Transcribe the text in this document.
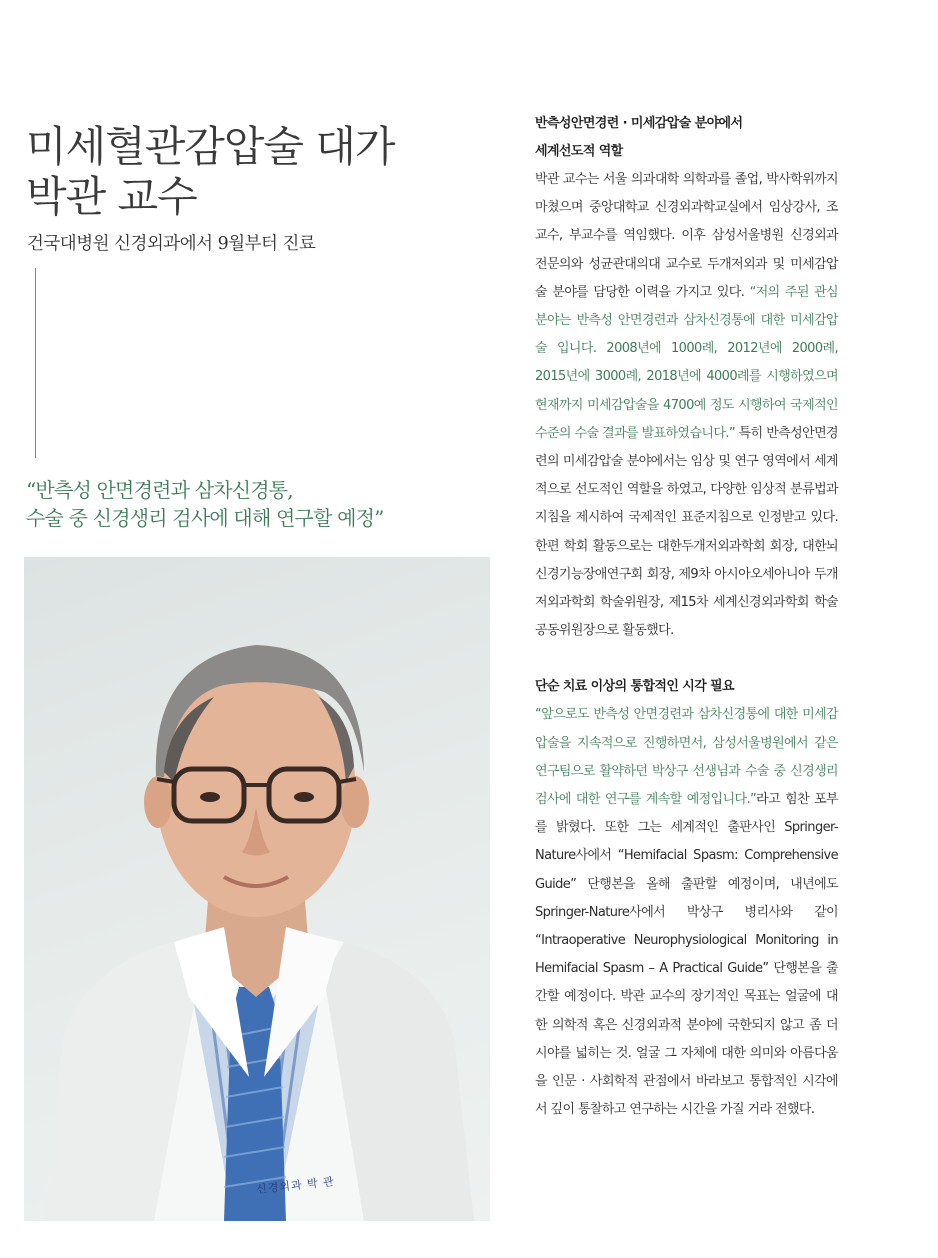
미세혈관감압술 대가
박관 교수
건국대병원 신경외과에서 9월부터 진료
“반측성 안면경련과 삼차신경통,
수술 중 신경생리 검사에 대해 연구할 예정”
신경외과 박 관
반측성안면경련 · 미세감압술 분야에서
세계선도적 역할

박관 교수는 서울 의과대학 의학과를 졸업, 박사학위까지 마쳤으며 중앙대학교 신경외과학교실에서 임상강사, 조교수, 부교수를 역임했다. 이후 삼성서울병원 신경외과 전문의와 성균관대의대 교수로 두개저외과 및 미세감압술 분야를 담당한 이력을 가지고 있다. “저의 주된 관심 분야는 반측성 안면경련과 삼차신경통에 대한 미세감압술 입니다. 2008년에 1000례, 2012년에 2000례, 2015년에 3000례, 2018년에 4000례를 시행하였으며 현재까지 미세감압술을 4700예 정도 시행하여 국제적인 수준의 수술 결과를 발표하였습니다.” 특히 반측성안면경련의 미세감압술 분야에서는 임상 및 연구 영역에서 세계적으로 선도적인 역할을 하였고, 다양한 임상적 분류법과 지침을 제시하여 국제적인 표준지침으로 인정받고 있다. 한편 학회 활동으로는 대한두개저외과학회 회장, 대한뇌신경기능장애연구회 회장, 제9차 아시아오세아니아 두개저외과학회 학술위원장, 제15차 세계신경외과학회 학술 공동위원장으로 활동했다.

단순 치료 이상의 통합적인 시각 필요

“앞으로도 반측성 안면경련과 삼차신경통에 대한 미세감압술을 지속적으로 진행하면서, 삼성서울병원에서 같은 연구팀으로 활약하던 박상구 선생님과 수술 중 신경생리 검사에 대한 연구를 계속할 예정입니다.”라고 힘찬 포부를 밝혔다. 또한 그는 세계적인 출판사인 Springer-Nature사에서 “Hemifacial Spasm: Comprehensive Guide” 단행본을 올해 출판할 예정이며, 내년에도 Springer-Nature사에서 박상구 병리사와 같이 “Intraoperative Neurophysiological Monitoring in Hemifacial Spasm – A Practical Guide” 단행본을 출간할 예정이다. 박관 교수의 장기적인 목표는 얼굴에 대한 의학적 혹은 신경외과적 분야에 국한되지 않고 좀 더 시야를 넓히는 것. 얼굴 그 자체에 대한 의미와 아름다움을 인문 · 사회학적 관점에서 바라보고 통합적인 시각에서 깊이 통찰하고 연구하는 시간을 가질 거라 전했다.
